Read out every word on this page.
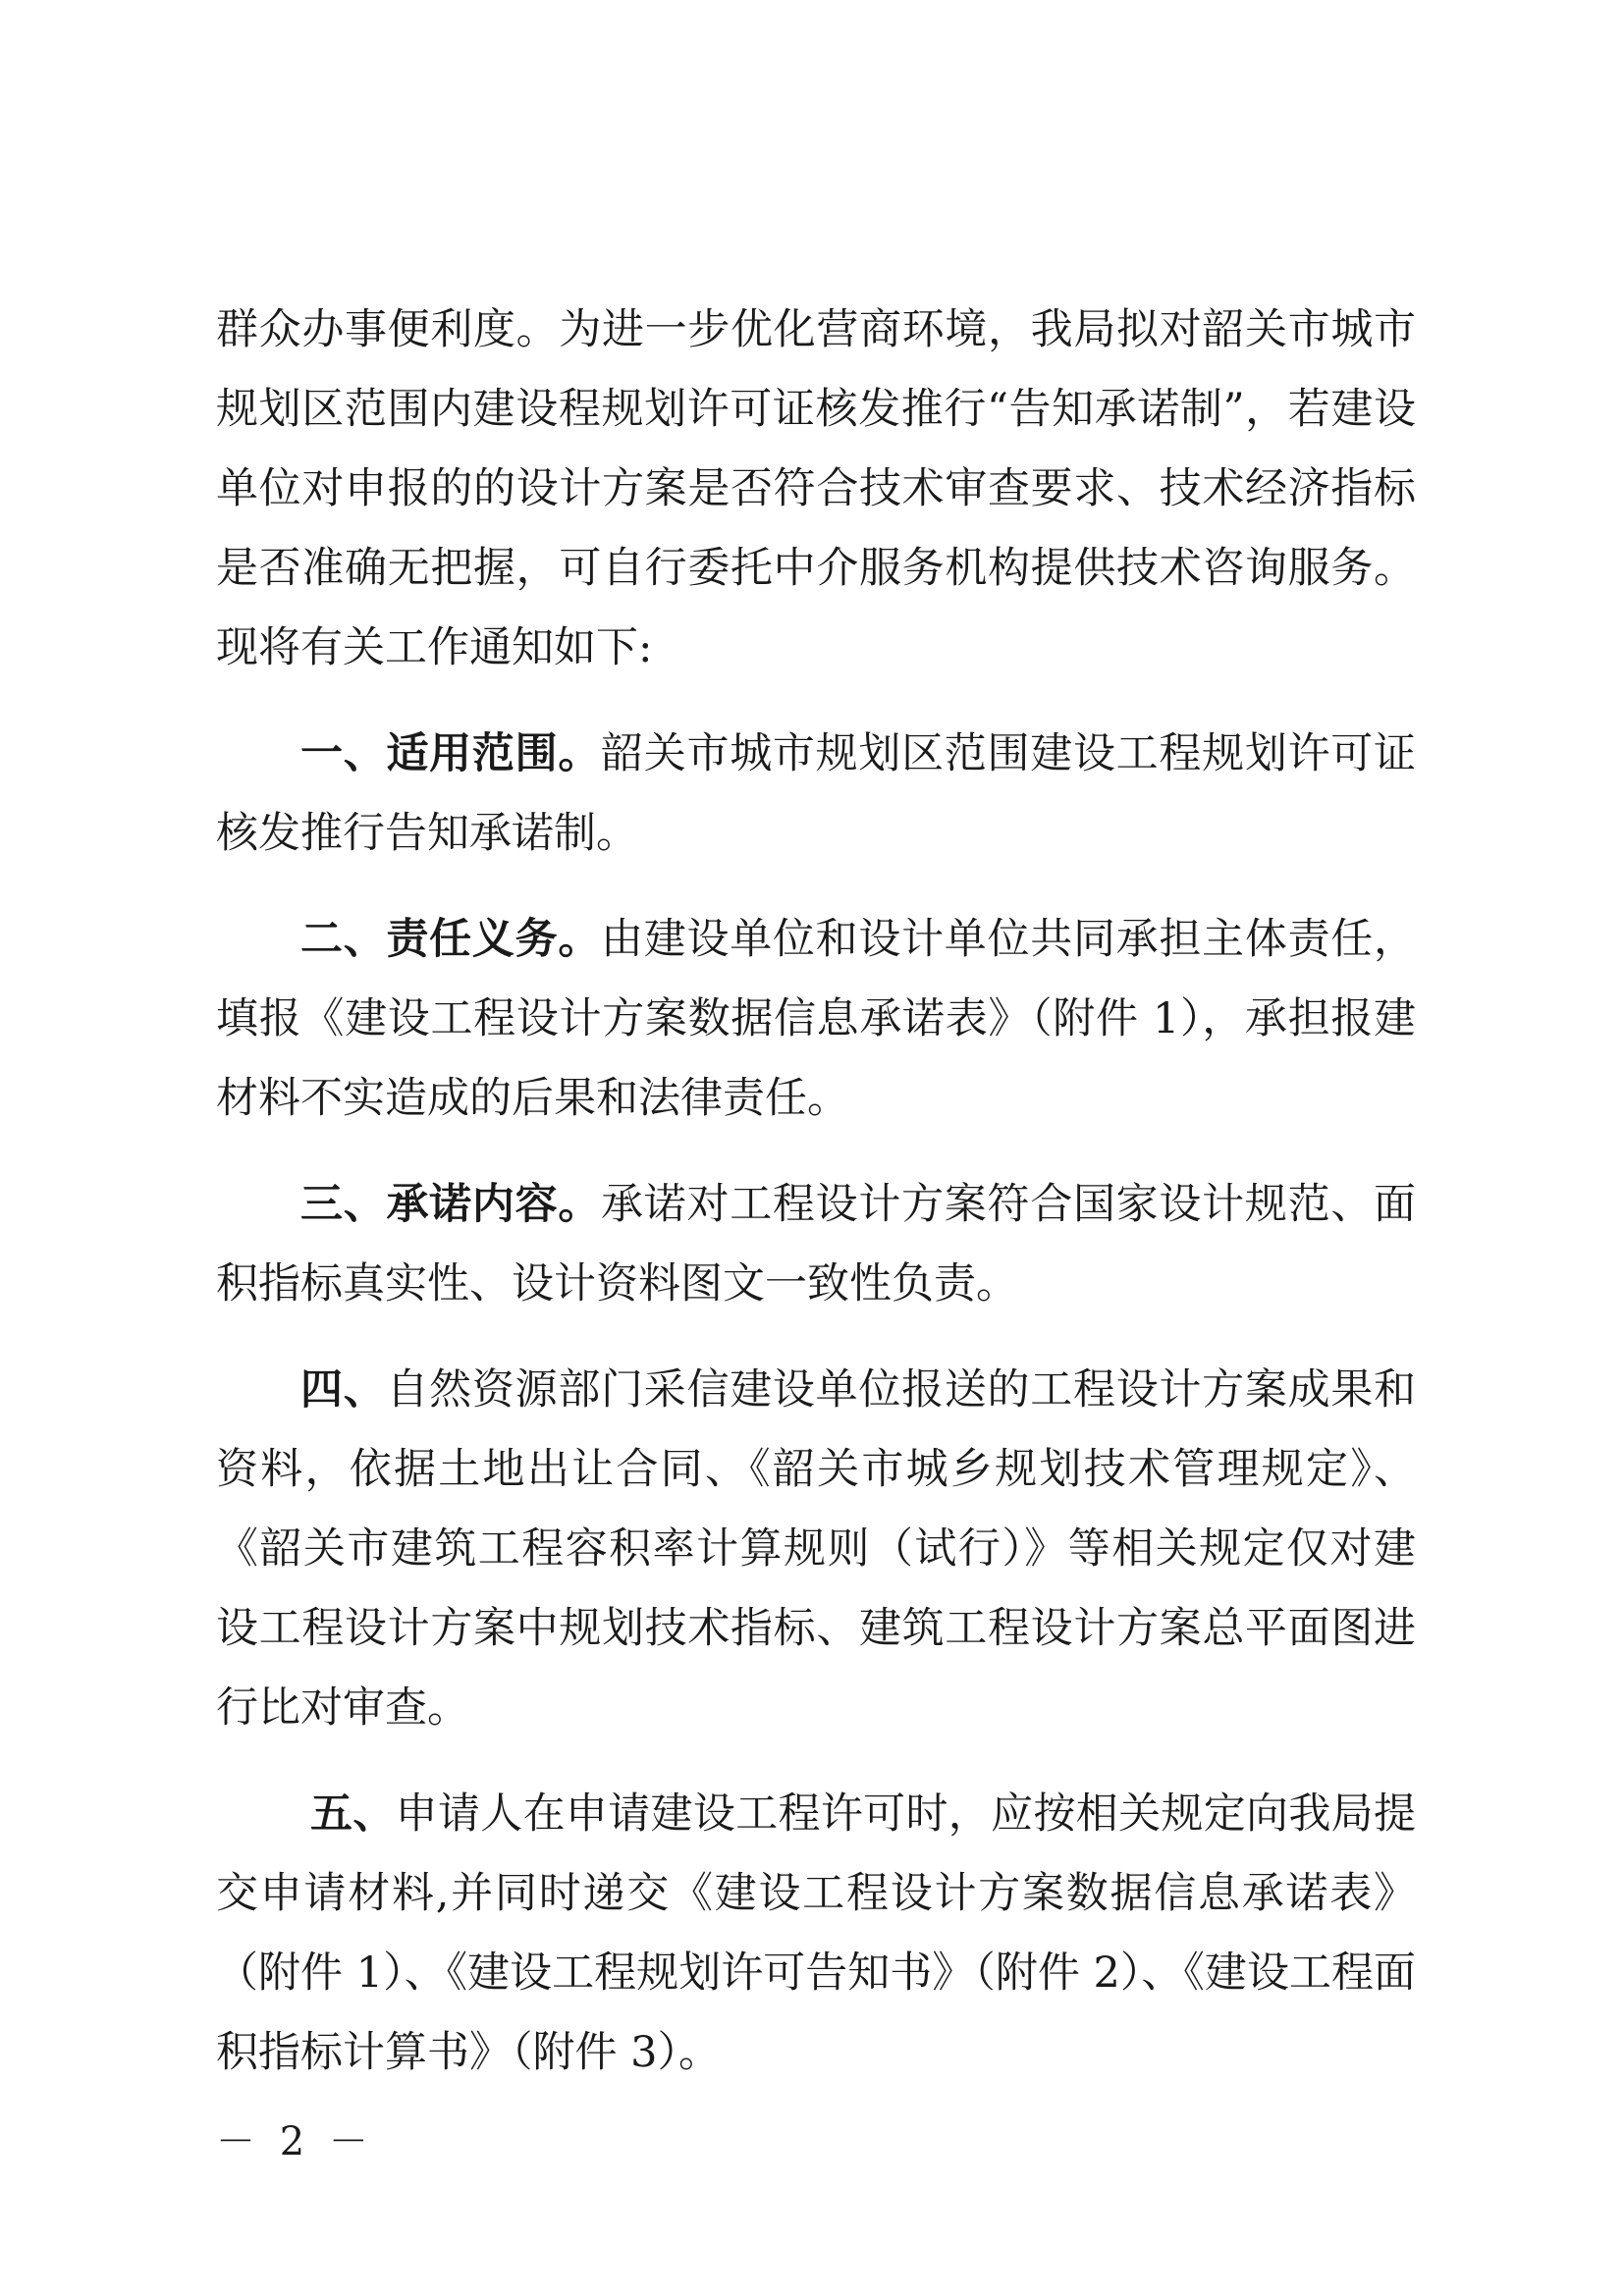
群众办事便利度。为进一步优化营商环境，我局拟对韶关市城市规划区范围内建设程规划许可证核发推行“告知承诺制”，若建设单位对申报的的设计方案是否符合技术审查要求、技术经济指标是否准确无把握，可自行委托中介服务机构提供技术咨询服务。现将有关工作通知如下:

一、适用范围。韶关市城市规划区范围建设工程规划许可证核发推行告知承诺制。

二、责任义务。由建设单位和设计单位共同承担主体责任，填报《建设工程设计方案数据信息承诺表》（附件 1），承担报建材料不实造成的后果和法律责任。

三、承诺内容。承诺对工程设计方案符合国家设计规范、面积指标真实性、设计资料图文一致性负责。

四、自然资源部门采信建设单位报送的工程设计方案成果和资料，依据土地出让合同、《韶关市城乡规划技术管理规定》、《韶关市建筑工程容积率计算规则（试行）》等相关规定仅对建设工程设计方案中规划技术指标、建筑工程设计方案总平面图进行比对审查。

五、申请人在申请建设工程许可时，应按相关规定向我局提交申请材料,并同时递交《建设工程设计方案数据信息承诺表》（附件 1）、《建设工程规划许可告知书》（附件 2）、《建设工程面积指标计算书》（附件 3）。

－ 2 －
